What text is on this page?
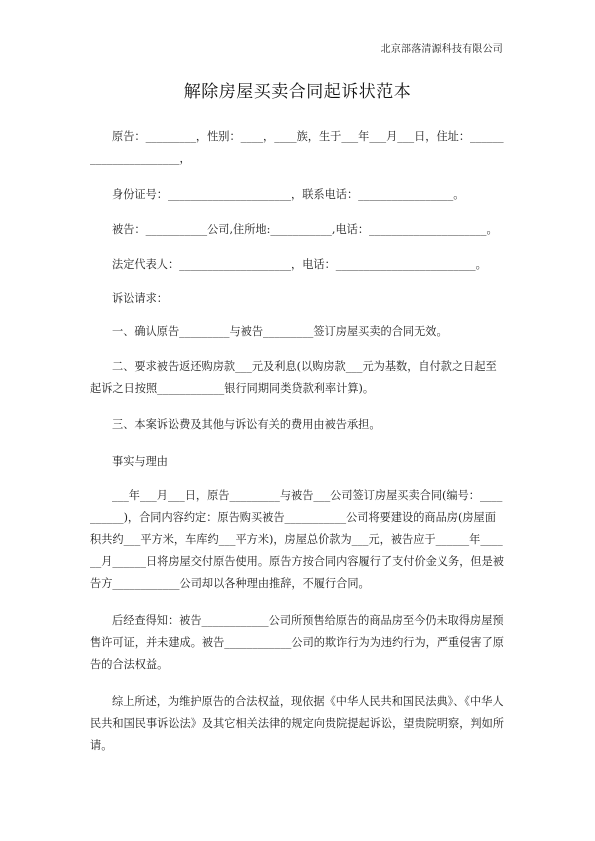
北京部落清源科技有限公司
解除房屋买卖合同起诉状范本
原告：_________，性别：____，____族，生于___年___月___日，住址：______________________，
身份证号：______________________，联系电话：_________________。
被告：___________公司,住所地:___________,电话：_____________________。
法定代表人：____________________，电话：_________________________。
诉讼请求：
一、确认原告_________与被告_________签订房屋买卖的合同无效。
二、要求被告返还购房款___元及利息(以购房款___元为基数，自付款之日起至起诉之日按照____________银行同期同类贷款利率计算)。
三、本案诉讼费及其他与诉讼有关的费用由被告承担。
事实与理由
___年___月___日，原告_________与被告___公司签订房屋买卖合同(编号：__________)，合同内容约定：原告购买被告___________公司将要建设的商品房(房屋面积共约___平方米，车库约___平方米)，房屋总价款为___元，被告应于______年______月______日将房屋交付原告使用。原告方按合同内容履行了支付价金义务，但是被告方____________公司却以各种理由推辞，不履行合同。
后经查得知：被告____________公司所预售给原告的商品房至今仍未取得房屋预售许可证，并未建成。被告____________公司的欺诈行为为违约行为，严重侵害了原告的合法权益。
综上所述，为维护原告的合法权益，现依据《中华人民共和国民法典》、《中华人民共和国民事诉讼法》及其它相关法律的规定向贵院提起诉讼，望贵院明察，判如所请。
